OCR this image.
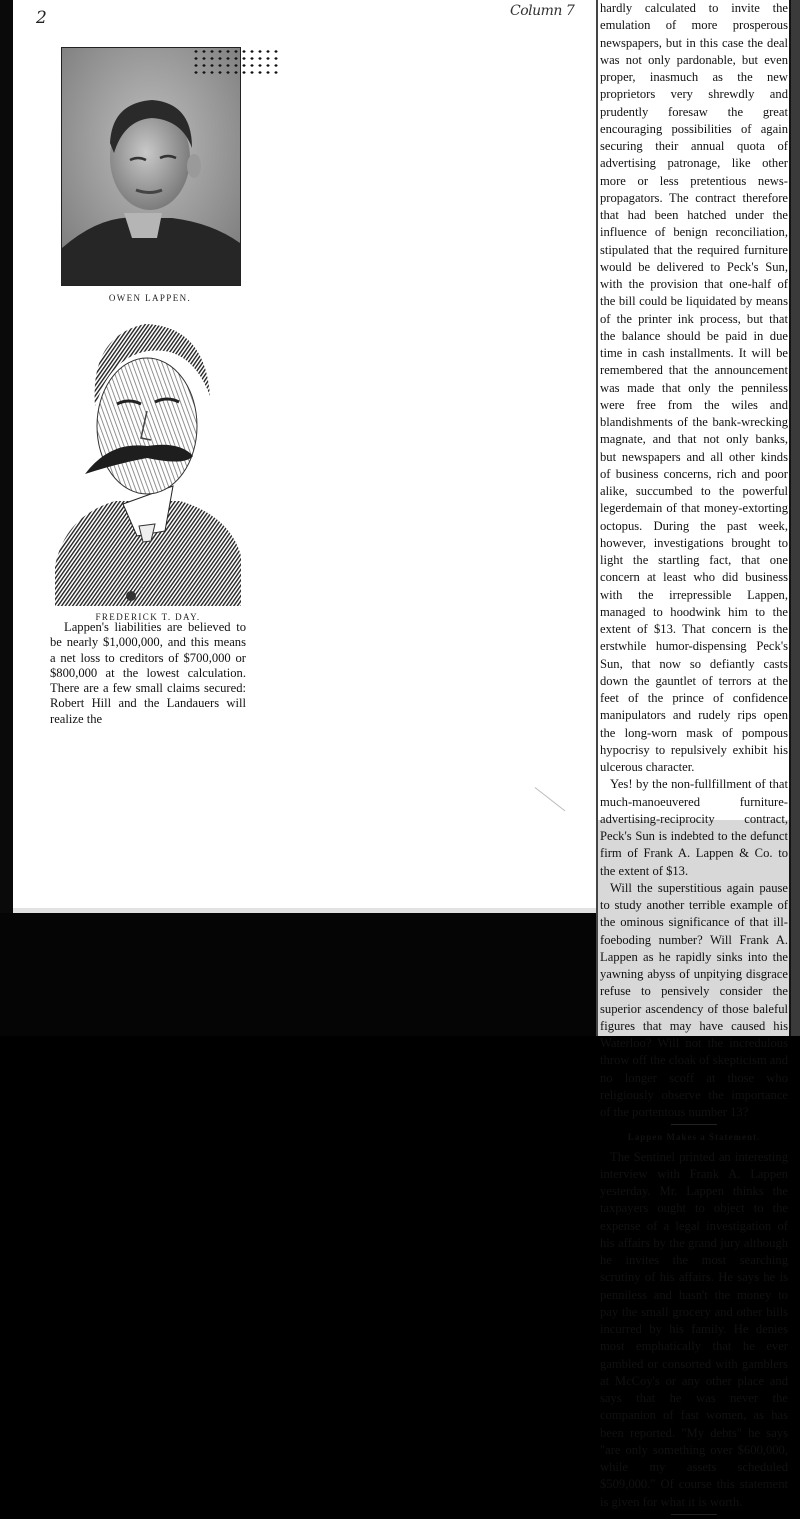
2	Column 7
OWEN LAPPEN.
FREDERICK T. DAY.

Lappen's liabilities are believed to be nearly $1,000,000, and this means a net loss to creditors of $700,000 or $800,000 at the lowest calculation. There are a few small claims secured: Robert Hill and the Landauers will realize the

hardly calculated to invite the emulation of more prosperous newspapers, but in this case the deal was not only pardonable, but even proper, inasmuch as the new proprietors very shrewdly and prudently foresaw the great encouraging possibilities of again securing their annual quota of advertising patronage, like other more or less pretentious news-propagators. The contract therefore that had been hatched under the influence of benign reconciliation, stipulated that the required furniture would be delivered to Peck's Sun, with the provision that one-half of the bill could be liquidated by means of the printer ink process, but that the balance should be paid in due time in cash installments. It will be remembered that the announcement was made that only the penniless were free from the wiles and blandishments of the bank-wrecking magnate, and that not only banks, but newspapers and all other kinds of business concerns, rich and poor alike, succumbed to the powerful legerdemain of that money-extorting octopus. During the past week, however, investigations brought to light the startling fact, that one concern at least who did business with the irrepressible Lappen, managed to hoodwink him to the extent of $13. That concern is the erstwhile humor-dispensing Peck's Sun, that now so defiantly casts down the gauntlet of terrors at the feet of the prince of confidence manipulators and rudely rips open the long-worn mask of pompous hypocrisy to repulsively exhibit his ulcerous character.

Yes! by the non-fullfillment of that much-manoeuvered furniture-advertising-reciprocity contract, Peck's Sun is indebted to the defunct firm of Frank A. Lappen & Co. to the extent of $13.

Will the superstitious again pause to study another terrible example of the ominous significance of that ill-foeboding number? Will Frank A. Lappen as he rapidly sinks into the yawning abyss of unpitying disgrace refuse to pensively consider the superior ascendency of those baleful figures that may have caused his Waterloo? Will not the incredulous throw off the cloak of skepticism and no longer scoff at those who religiously observe the importance of the portentous number 13?

Lappen Makes a Statement.

The Sentinel printed an interesting interview with Frank A. Lappen yesterday. Mr. Lappen thinks the taxpayers ought to object to the expense of a legal investigation of his affairs by the grand jury although he invites the most searching scrutiny of his affairs. He says he is penniless and hasn't the money to pay the small grocery and other bills incurred by his family. He denies most emphatically that he ever gambled or consorted with gamblers at McCoy's or any other place and says that he was never the companion of fast women, as has been reported. "My debts" he says "are only something over $600,000, while my assets scheduled $509,000." Of course this statement is given for what it is worth.
